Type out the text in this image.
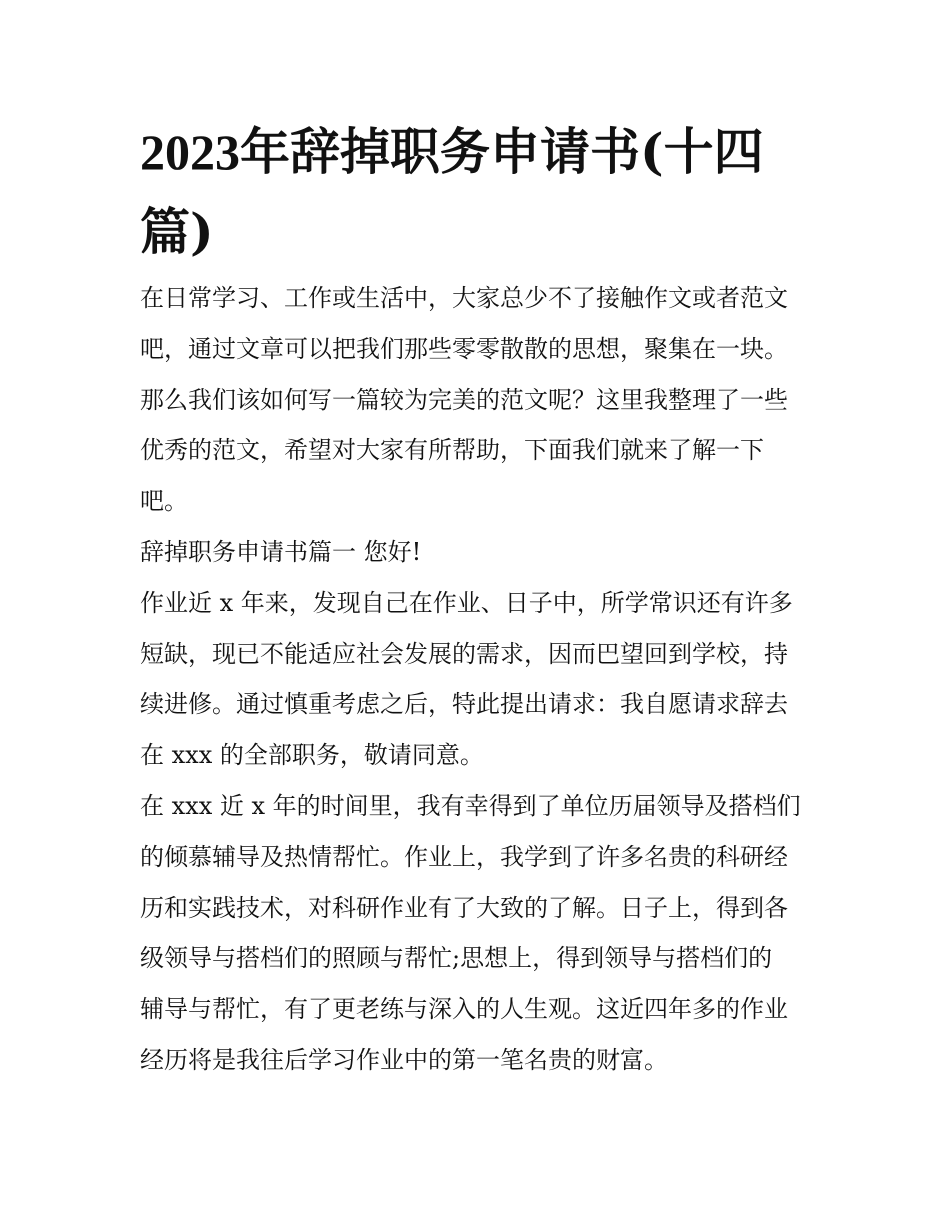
2023年辞掉职务申请书(十四
篇)

在日常学习、工作或生活中，大家总少不了接触作文或者范文
吧，通过文章可以把我们那些零零散散的思想，聚集在一块。
那么我们该如何写一篇较为完美的范文呢？这里我整理了一些
优秀的范文，希望对大家有所帮助，下面我们就来了解一下
吧。

辞掉职务申请书篇一 您好!

作业近 x 年来，发现自己在作业、日子中，所学常识还有许多
短缺，现已不能适应社会发展的需求，因而巴望回到学校，持
续进修。通过慎重考虑之后，特此提出请求：我自愿请求辞去
在 xxx 的全部职务，敬请同意。

在 xxx 近 x 年的时间里，我有幸得到了单位历届领导及搭档们
的倾慕辅导及热情帮忙。作业上，我学到了许多名贵的科研经
历和实践技术，对科研作业有了大致的了解。日子上，得到各
级领导与搭档们的照顾与帮忙;思想上，得到领导与搭档们的
辅导与帮忙，有了更老练与深入的人生观。这近四年多的作业
经历将是我往后学习作业中的第一笔名贵的财富。
